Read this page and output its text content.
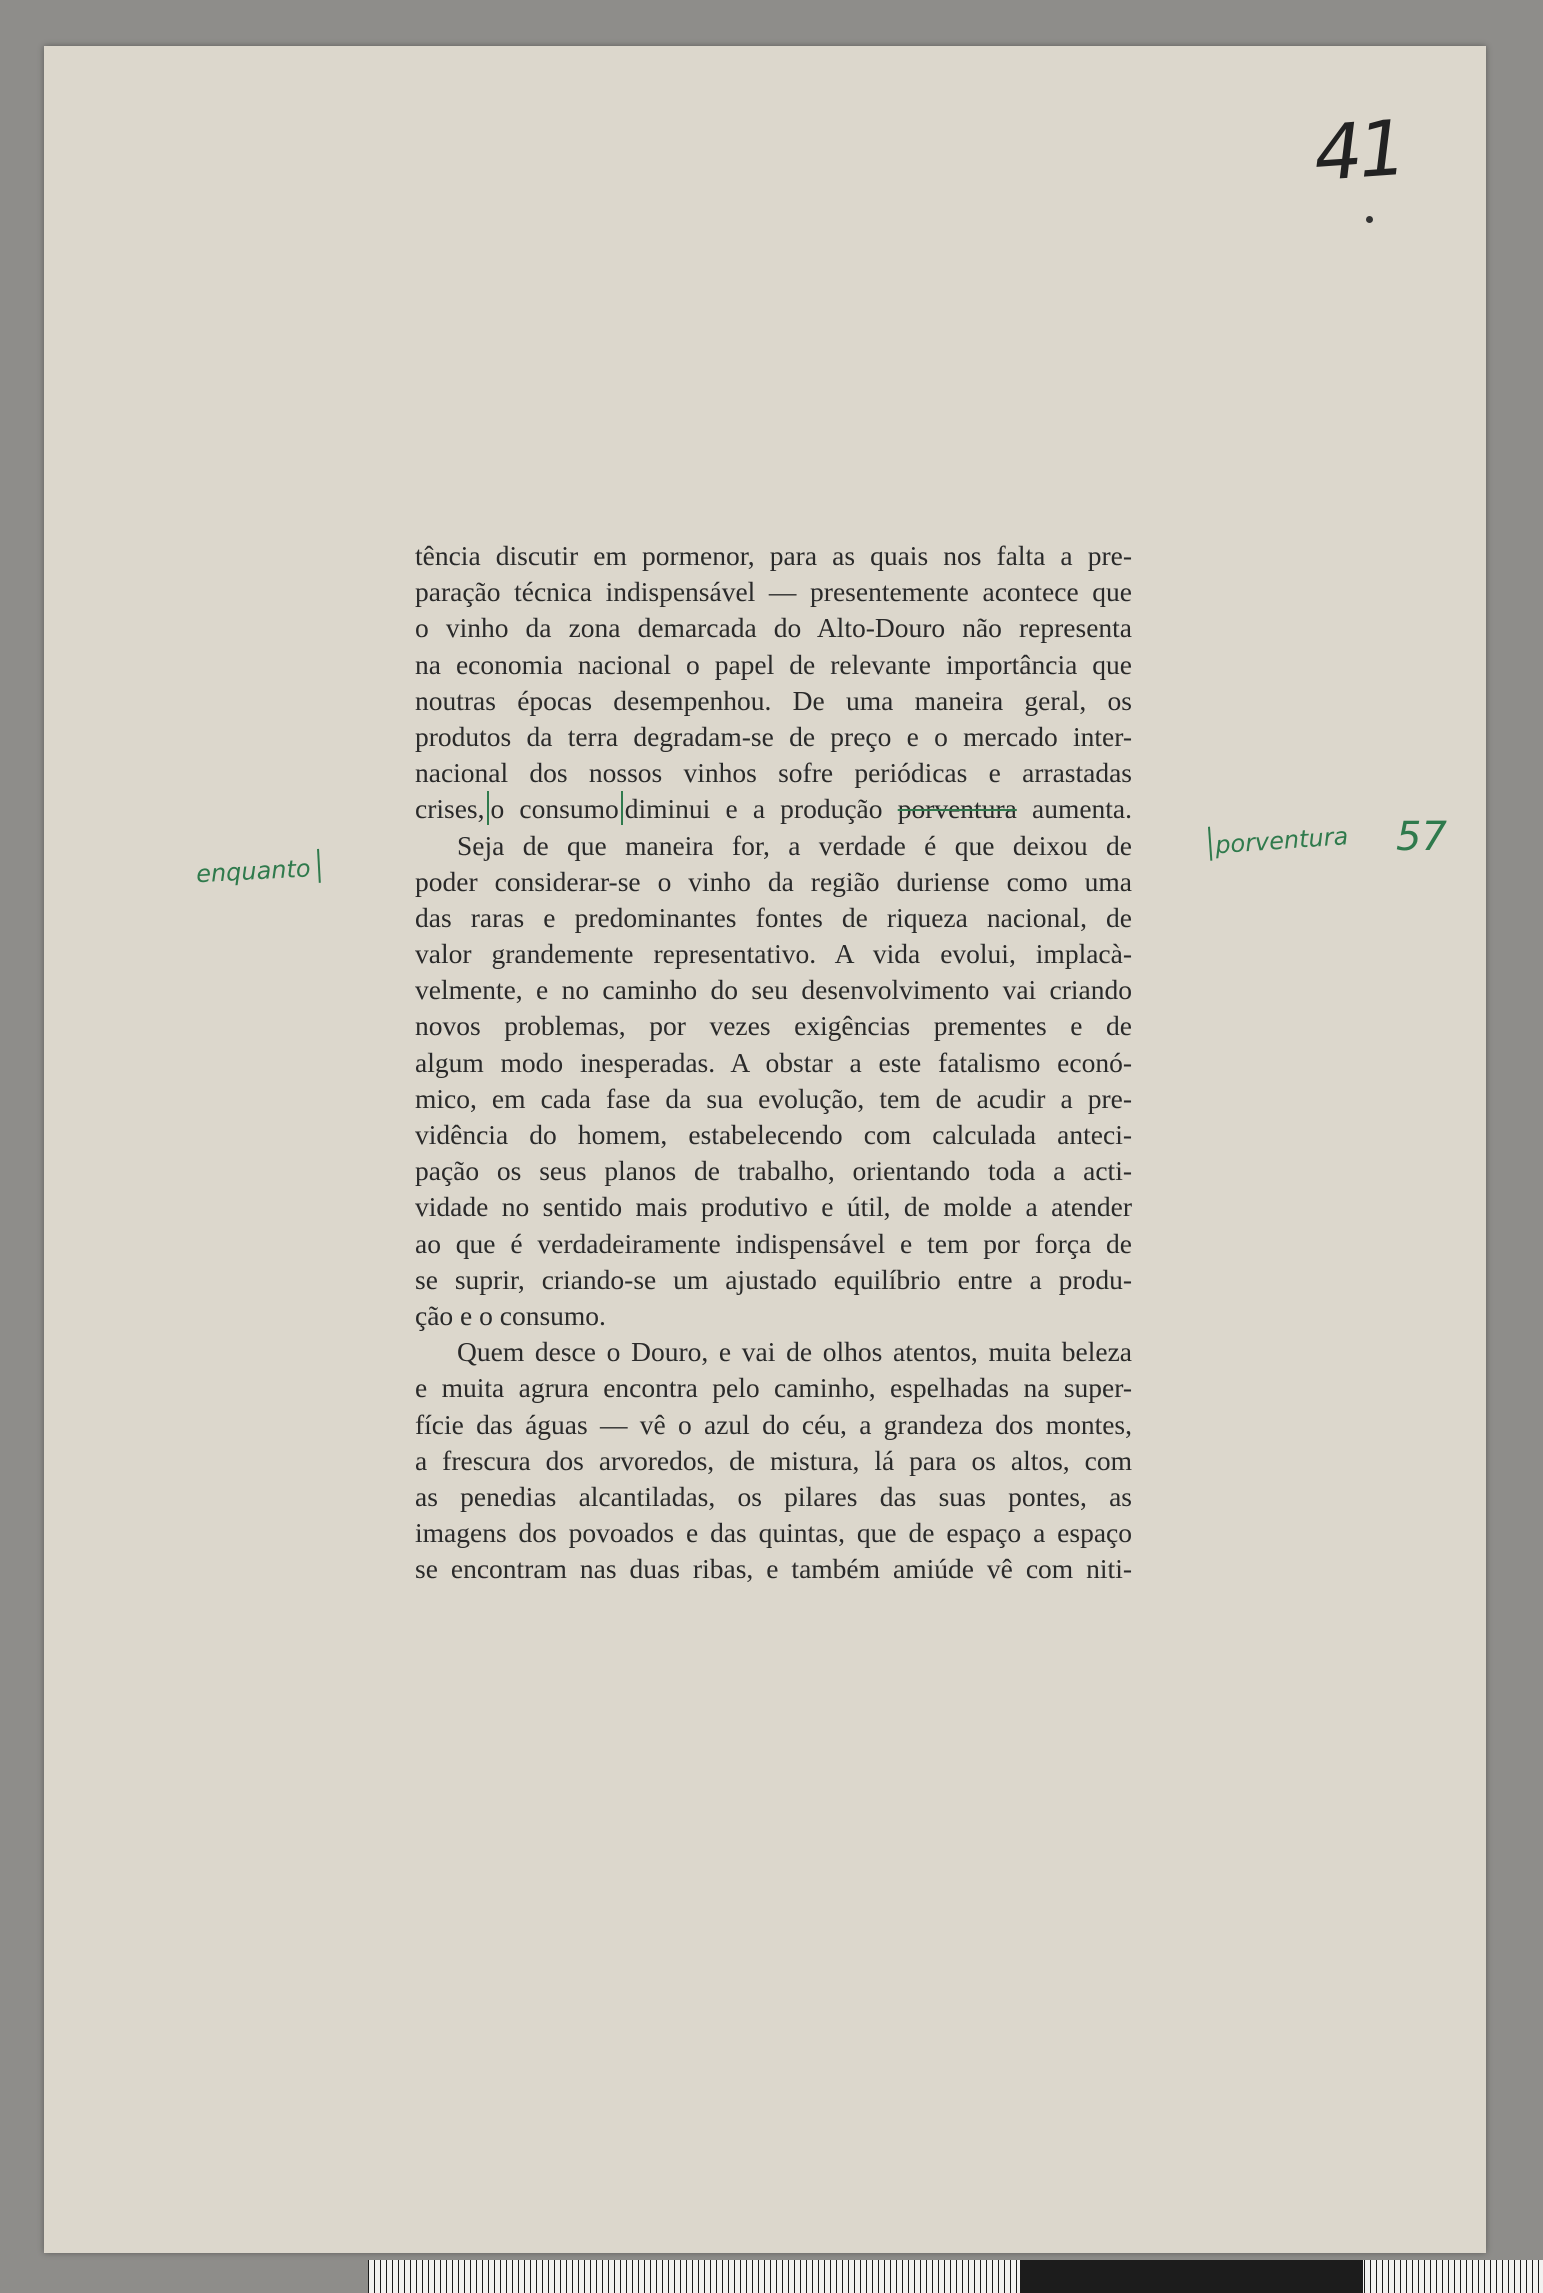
41
enquanto
porventura 57
tência discutir em pormenor, para as quais nos falta a pre-
paração técnica indispensável — presentemente acontece que
o vinho da zona demarcada do Alto-Douro não representa
na economia nacional o papel de relevante importância que
noutras épocas desempenhou. De uma maneira geral, os
produtos da terra degradam-se de preço e o mercado inter-
nacional dos nossos vinhos sofre periódicas e arrastadas
crises, o consumo diminui e a produção porventura aumenta.
Seja de que maneira for, a verdade é que deixou de
poder considerar-se o vinho da região duriense como uma
das raras e predominantes fontes de riqueza nacional, de
valor grandemente representativo. A vida evolui, implacà-
velmente, e no caminho do seu desenvolvimento vai criando
novos problemas, por vezes exigências prementes e de
algum modo inesperadas. A obstar a este fatalismo econó-
mico, em cada fase da sua evolução, tem de acudir a pre-
vidência do homem, estabelecendo com calculada anteci-
pação os seus planos de trabalho, orientando toda a acti-
vidade no sentido mais produtivo e útil, de molde a atender
ao que é verdadeiramente indispensável e tem por força de
se suprir, criando-se um ajustado equilíbrio entre a produ-
ção e o consumo.
Quem desce o Douro, e vai de olhos atentos, muita beleza
e muita agrura encontra pelo caminho, espelhadas na super-
fície das águas — vê o azul do céu, a grandeza dos montes,
a frescura dos arvoredos, de mistura, lá para os altos, com
as penedias alcantiladas, os pilares das suas pontes, as
imagens dos povoados e das quintas, que de espaço a espaço
se encontram nas duas ribas, e também amiúde vê com niti-
